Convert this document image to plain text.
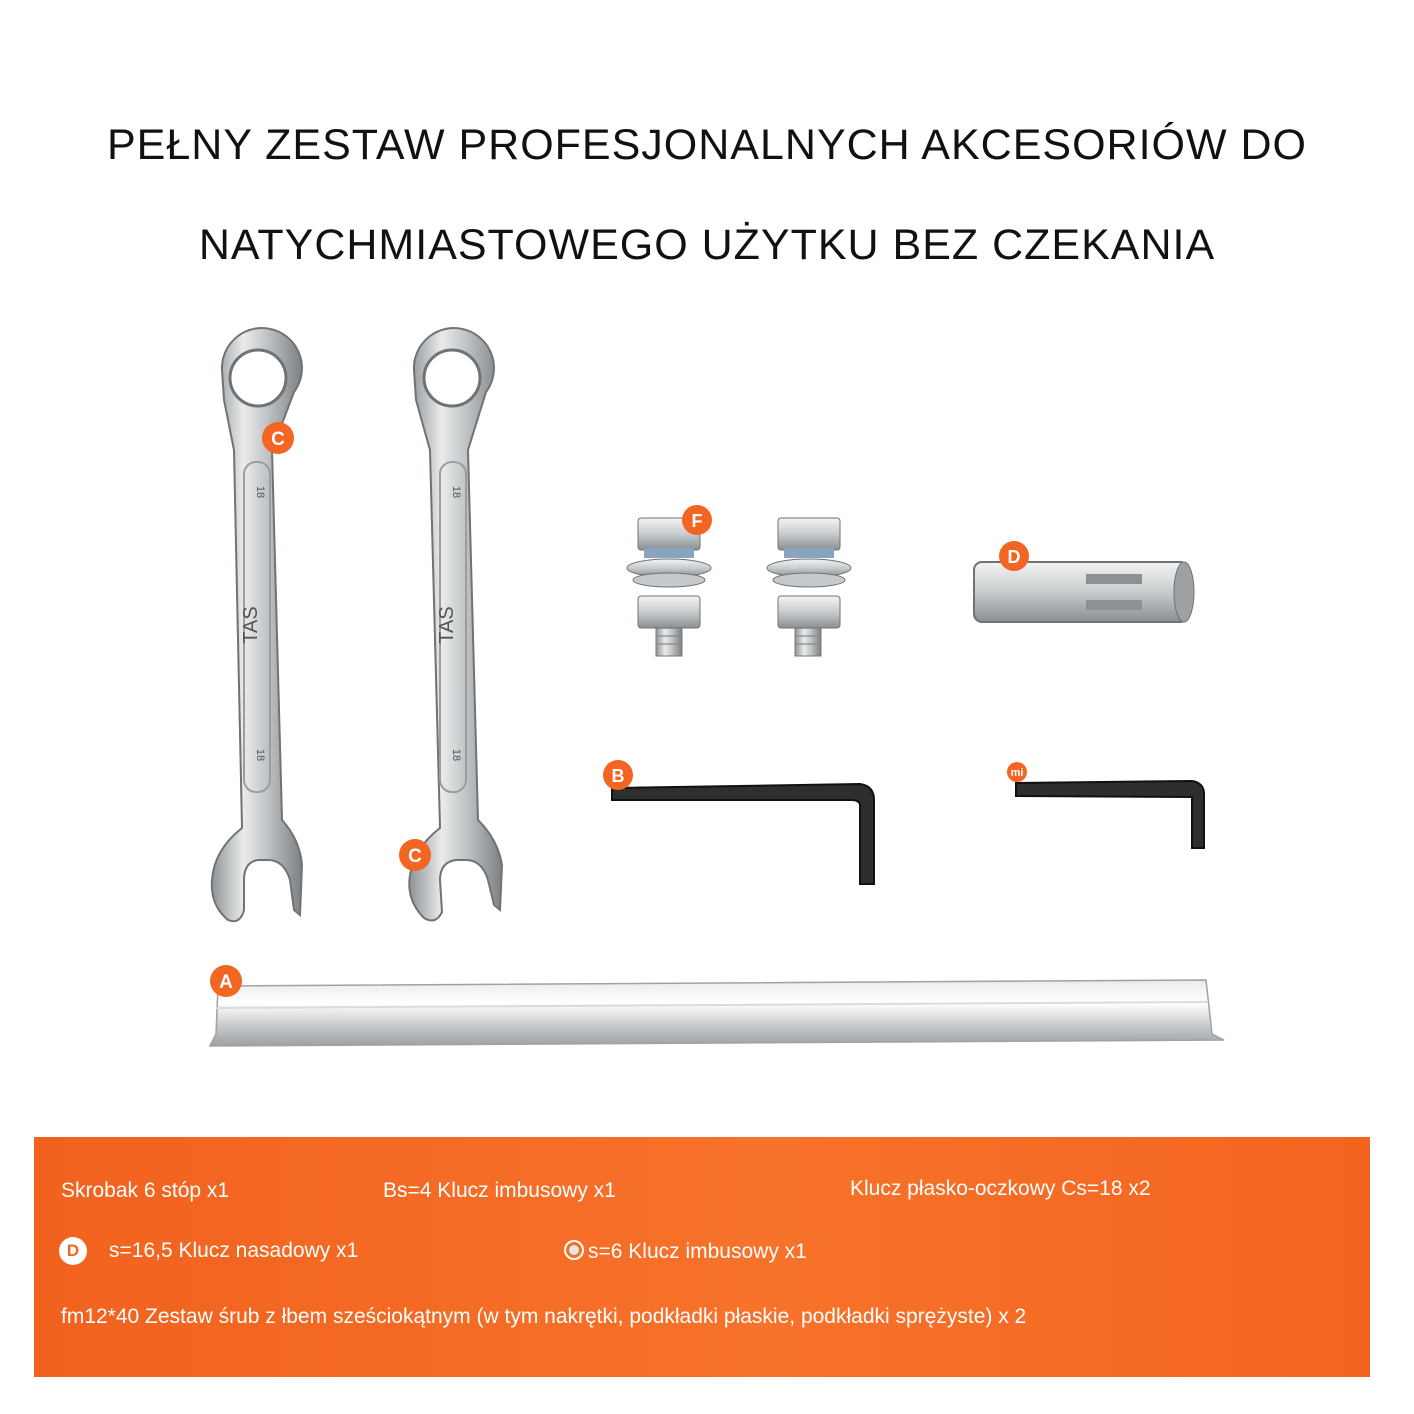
PEŁNY ZESTAW PROFESJONALNYCH AKCESORIÓW DO
NATYCHMIASTOWEGO UŻYTKU BEZ CZEKANIA
TAS
18
18
TAS
18
18
C
C
F
D
B	mi
A
Skrobak 6 stóp x1	Bs=4 Klucz imbusowy x1	Klucz płasko-oczkowy Cs=18 x2
D s=16,5 Klucz nasadowy x1	s=6 Klucz imbusowy x1
fm12*40 Zestaw śrub z łbem sześciokątnym (w tym nakrętki, podkładki płaskie, podkładki sprężyste) x 2
